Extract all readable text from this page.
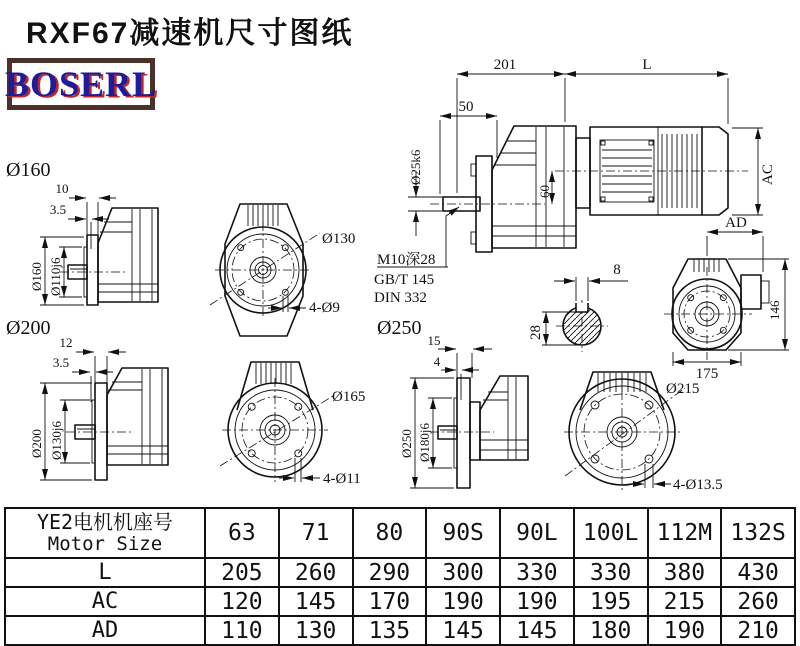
RXF67减速机尺寸图纸
BOSERL	201	L
50
Ø25k6
60
AC
M10深28
GB/T 145
DIN 332
8
28
AD
146
175
Ø160
Ø200	Ø250
10
3.5
Ø160 Ø110j6
Ø130
4-Ø9
12
3.5
Ø200 Ø130j6
Ø165
4-Ø11
15
4
Ø250 Ø180j6
Ø215
4-Ø13.5
YE2电机机座号
Motor Size	63	71	80	90S	90L	100L	112M	132S
L	205	260	290	300	330	330	380	430
AC	120	145	170	190	190	195	215	260
AD	110	130	135	145	145	180	190	210
